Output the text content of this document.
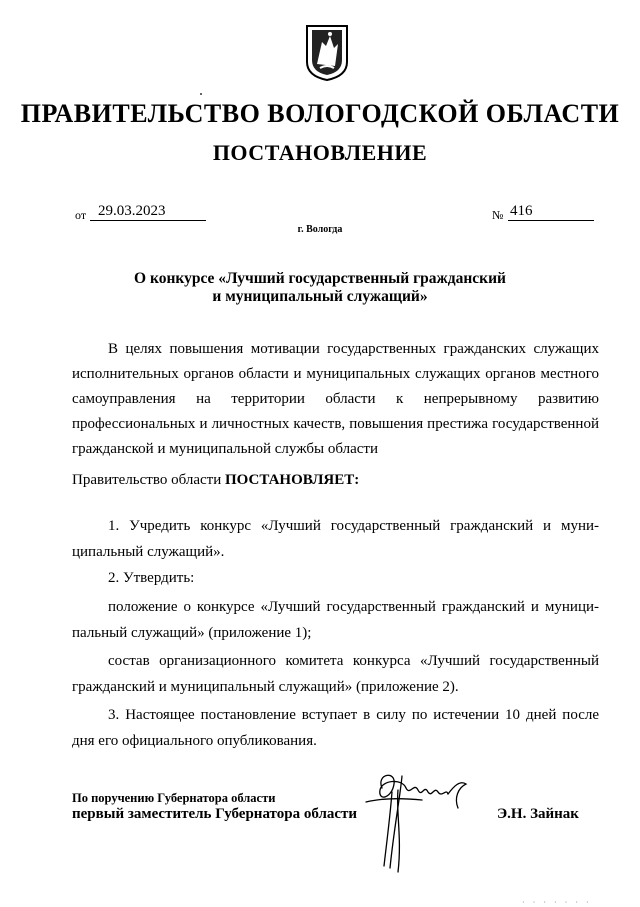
ПРАВИТЕЛЬСТВО ВОЛОГОДСКОЙ ОБЛАСТИ
ПОСТАНОВЛЕНИЕ
от 29.03.2023	№ 416
г. Вологда
О конкурсе «Лучший государственный гражданский
и муниципальный служащий»
В целях повышения мотивации государственных гражданских служащих исполнительных органов области и муниципальных служащих органов местного самоуправления на территории области к непрерывному развитию профессиональных и личностных качеств, повышения престижа государственной гражданской и муниципальной службы области
Правительство области ПОСТАНОВЛЯЕТ:
1. Учредить конкурс «Лучший государственный гражданский и муни-
ципальный служащий».
2. Утвердить:
положение о конкурсе «Лучший государственный гражданский и муници-
пальный служащий» (приложение 1);
состав организационного комитета конкурса «Лучший государственный
гражданский и муниципальный служащий» (приложение 2).
3. Настоящее постановление вступает в силу по истечении 10 дней после
дня его официального опубликования.
По поручению Губернатора области
первый заместитель Губернатора области	Э.Н. Зайнак
·······
